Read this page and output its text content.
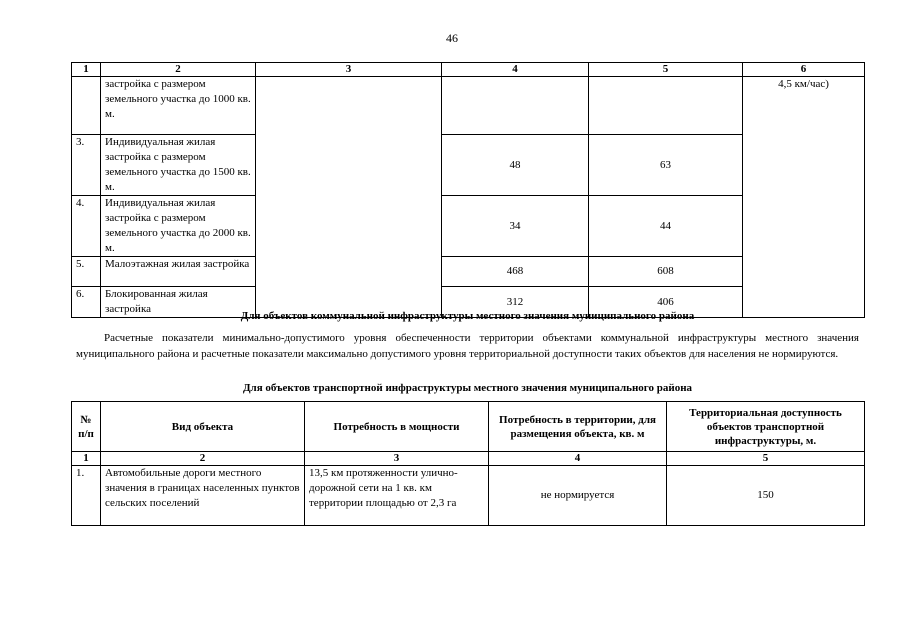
46
1	2	3	4	5	6
	застройка с размером земельного участка до 1000 кв. м.				4,5 км/час)
3.	Индивидуальная жилая застройка с размером земельного участка до 1500 кв. м.		48	63	
4.	Индивидуальная жилая застройка с размером земельного участка до 2000 кв. м.		34	44	
5.	Малоэтажная жилая застройка		468	608	
6.	Блокированная жилая застройка		312	406	
Для объектов коммунальной инфраструктуры местного значения муниципального района
Расчетные показатели минимально-допустимого уровня обеспеченности территории объектами коммунальной инфраструктуры местного значения муниципального района и расчетные показатели максимально допустимого уровня территориальной доступности таких объектов для населения не нормируются.
Для объектов транспортной инфраструктуры местного значения муниципального района
№ п/п	Вид объекта	Потребность в мощности	Потребность в территории, для размещения объекта, кв. м	Территориальная доступность объектов транспортной инфраструктуры, м.
1	2	3	4	5
1.	Автомобильные дороги местного значения в границах населенных пунктов сельских поселений	13,5 км протяженности улично-дорожной сети на 1 кв. км территории площадью от 2,3 га	не нормируется	150
